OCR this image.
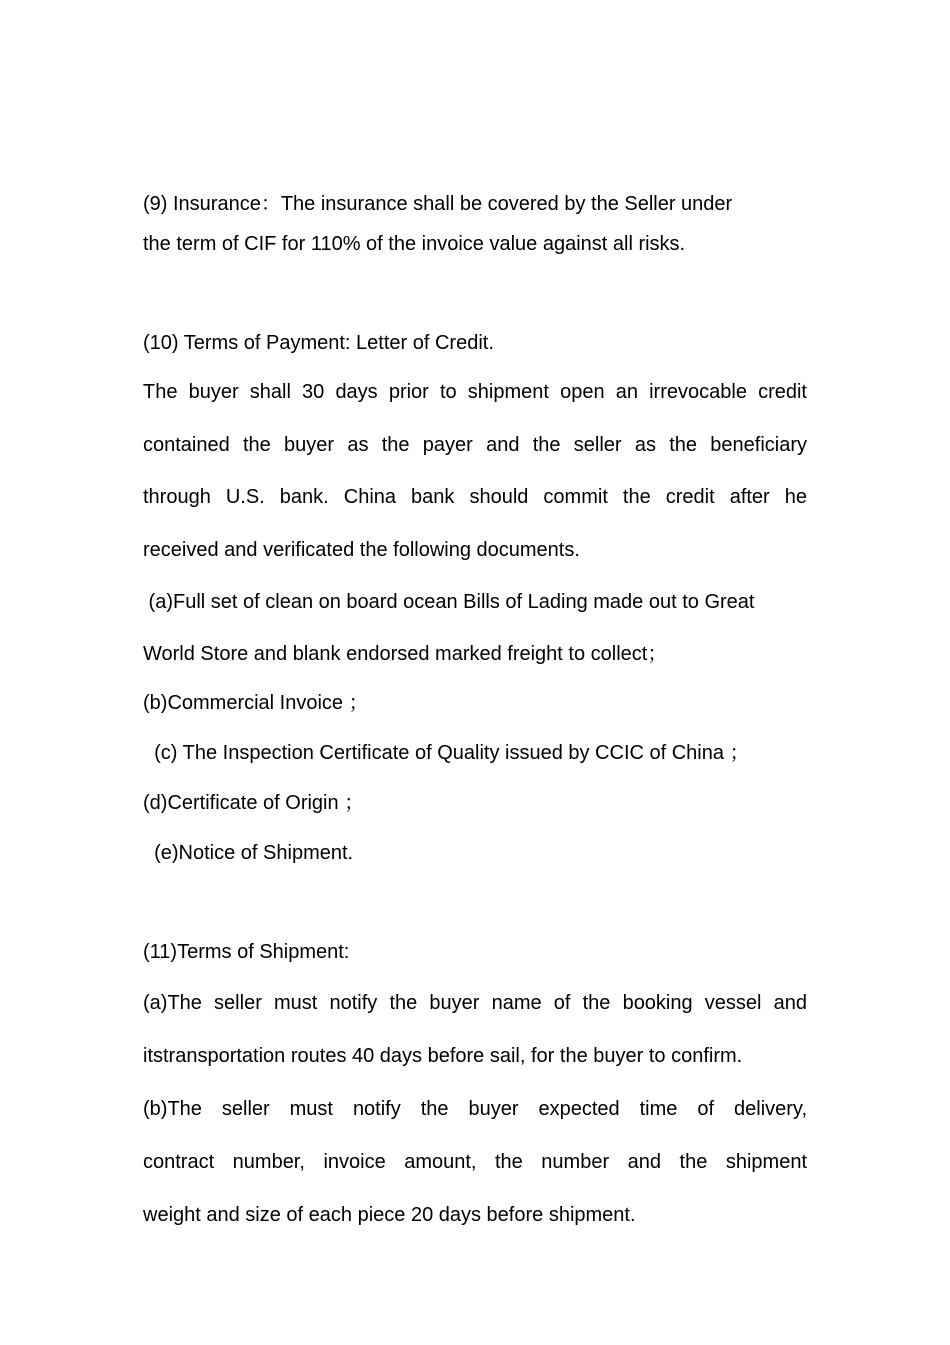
(9) Insurance：The insurance shall be covered by the Seller under
the term of CIF for 110% of the invoice value against all risks.
(10) Terms of Payment: Letter of Credit.
The buyer shall 30 days prior to shipment open an irrevocable credit
contained the buyer as the payer and the seller as the beneficiary
through U.S. bank. China bank should commit the credit after he
received and verificated the following documents.
(a)Full set of clean on board ocean Bills of Lading made out to Great
World Store and blank endorsed marked freight to collect；
(b)Commercial Invoice ；
(c) The Inspection Certificate of Quality issued by CCIC of China ；
(d)Certificate of Origin ；
(e)Notice of Shipment.
(11)Terms of Shipment:
(a)The seller must notify the buyer name of the booking vessel and
itstransportation routes 40 days before sail, for the buyer to confirm.
(b)The seller must notify the buyer expected time of delivery,
contract number, invoice amount, the number and the shipment
weight and size of each piece 20 days before shipment.
